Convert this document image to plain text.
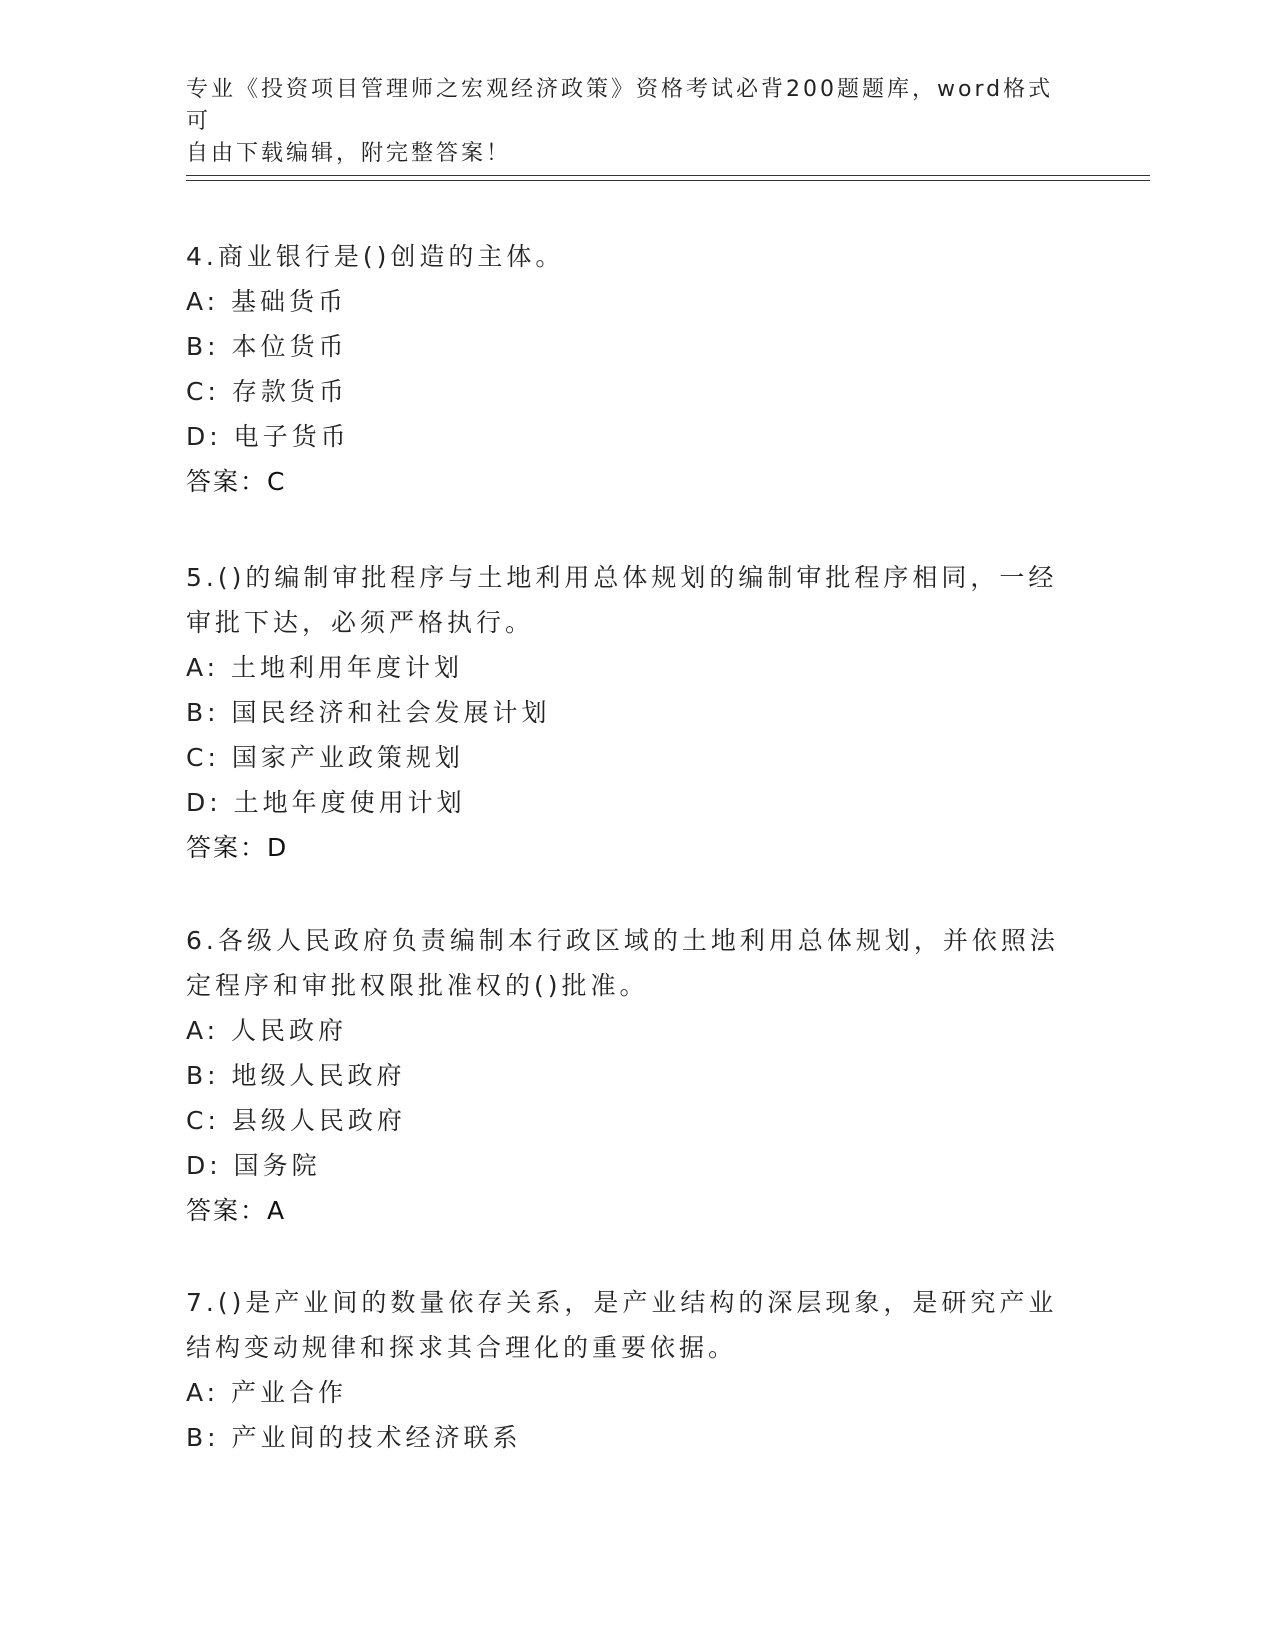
专业《投资项目管理师之宏观经济政策》资格考试必背200题题库，word格式可
自由下载编辑，附完整答案！

4.商业银行是()创造的主体。

A: 基础货币

B: 本位货币

C: 存款货币

D: 电子货币

答案：C

5.()的编制审批程序与土地利用总体规划的编制审批程序相同，一经审批下达，必须严格执行。

A: 土地利用年度计划

B: 国民经济和社会发展计划

C: 国家产业政策规划

D: 土地年度使用计划

答案：D

6.各级人民政府负责编制本行政区域的土地利用总体规划，并依照法定程序和审批权限批准权的()批准。

A: 人民政府

B: 地级人民政府

C: 县级人民政府

D: 国务院

答案：A

7.()是产业间的数量依存关系，是产业结构的深层现象，是研究产业结构变动规律和探求其合理化的重要依据。

A: 产业合作

B: 产业间的技术经济联系
